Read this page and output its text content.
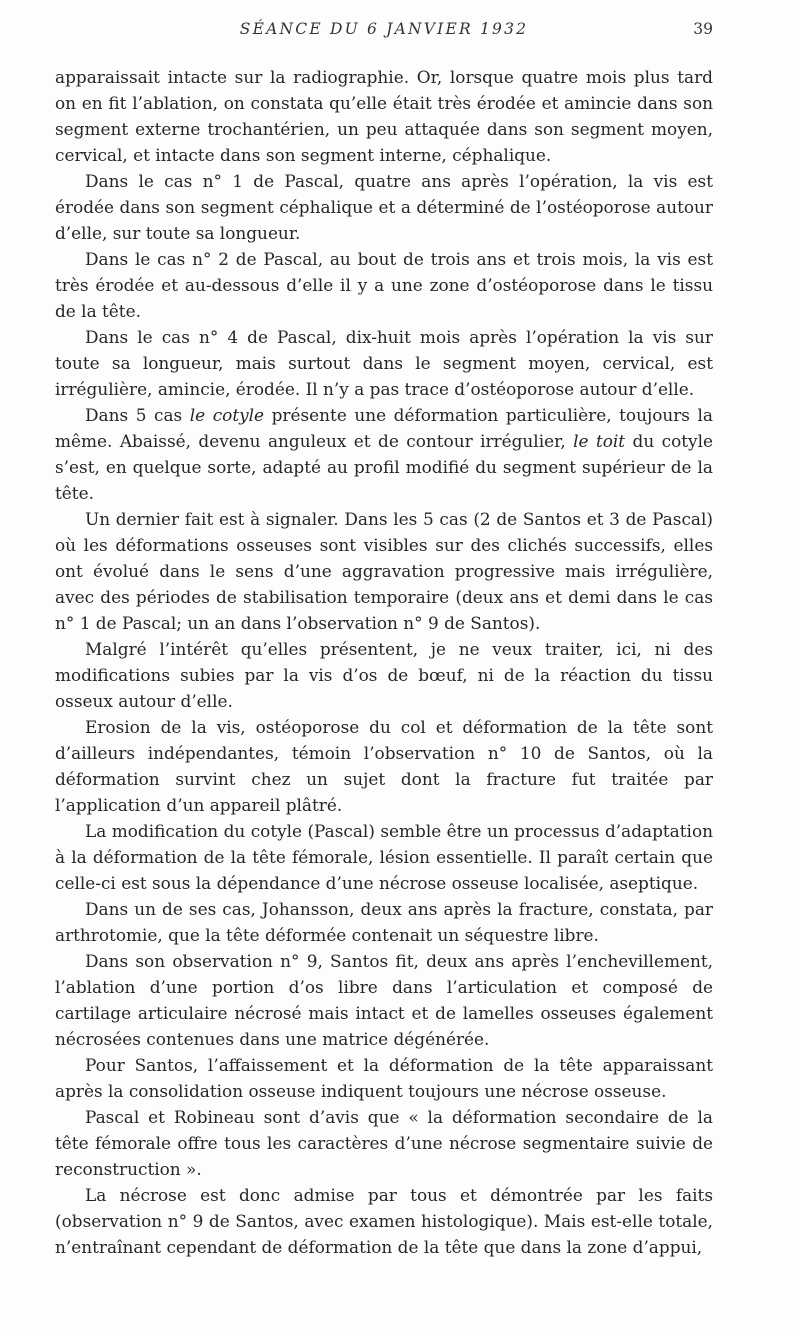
SÉANCE DU 6 JANVIER 1932	39

apparaissait intacte sur la radiographie. Or, lorsque quatre mois plus tard on en fit l’ablation, on constata qu’elle était très érodée et amincie dans son segment externe trochantérien, un peu attaquée dans son segment moyen, cervical, et intacte dans son segment interne, céphalique.

Dans le cas n° 1 de Pascal, quatre ans après l’opération, la vis est érodée dans son segment céphalique et a déterminé de l’ostéoporose autour d’elle, sur toute sa longueur.

Dans le cas n° 2 de Pascal, au bout de trois ans et trois mois, la vis est très érodée et au-dessous d’elle il y a une zone d’ostéoporose dans le tissu de la tête.

Dans le cas n° 4 de Pascal, dix-huit mois après l’opération la vis sur toute sa longueur, mais surtout dans le segment moyen, cervical, est irrégulière, amincie, érodée. Il n’y a pas trace d’ostéoporose autour d’elle.

Dans 5 cas le cotyle présente une déformation particulière, toujours la même. Abaissé, devenu anguleux et de contour irrégulier, le toit du cotyle s’est, en quelque sorte, adapté au profil modifié du segment supérieur de la tête.

Un dernier fait est à signaler. Dans les 5 cas (2 de Santos et 3 de Pascal) où les déformations osseuses sont visibles sur des clichés successifs, elles ont évolué dans le sens d’une aggravation progressive mais irrégulière, avec des périodes de stabilisation temporaire (deux ans et demi dans le cas n° 1 de Pascal; un an dans l’observation n° 9 de Santos).

Malgré l’intérêt qu’elles présentent, je ne veux traiter, ici, ni des modifications subies par la vis d’os de bœuf, ni de la réaction du tissu osseux autour d’elle.

Erosion de la vis, ostéoporose du col et déformation de la tête sont d’ailleurs indépendantes, témoin l’observation n° 10 de Santos, où la déformation survint chez un sujet dont la fracture fut traitée par l’application d’un appareil plâtré.

La modification du cotyle (Pascal) semble être un processus d’adaptation à la déformation de la tête fémorale, lésion essentielle. Il paraît certain que celle-ci est sous la dépendance d’une nécrose osseuse localisée, aseptique.

Dans un de ses cas, Johansson, deux ans après la fracture, constata, par arthrotomie, que la tête déformée contenait un séquestre libre.

Dans son observation n° 9, Santos fit, deux ans après l’enchevillement, l’ablation d’une portion d’os libre dans l’articulation et composé de cartilage articulaire nécrosé mais intact et de lamelles osseuses également nécrosées contenues dans une matrice dégénérée.

Pour Santos, l’affaissement et la déformation de la tête apparaissant après la consolidation osseuse indiquent toujours une nécrose osseuse.

Pascal et Robineau sont d’avis que « la déformation secondaire de la tête fémorale offre tous les caractères d’une nécrose segmentaire suivie de reconstruction ».

La nécrose est donc admise par tous et démontrée par les faits (observation n° 9 de Santos, avec examen histologique). Mais est-elle totale, n’entraînant cependant de déformation de la tête que dans la zone d’appui,
